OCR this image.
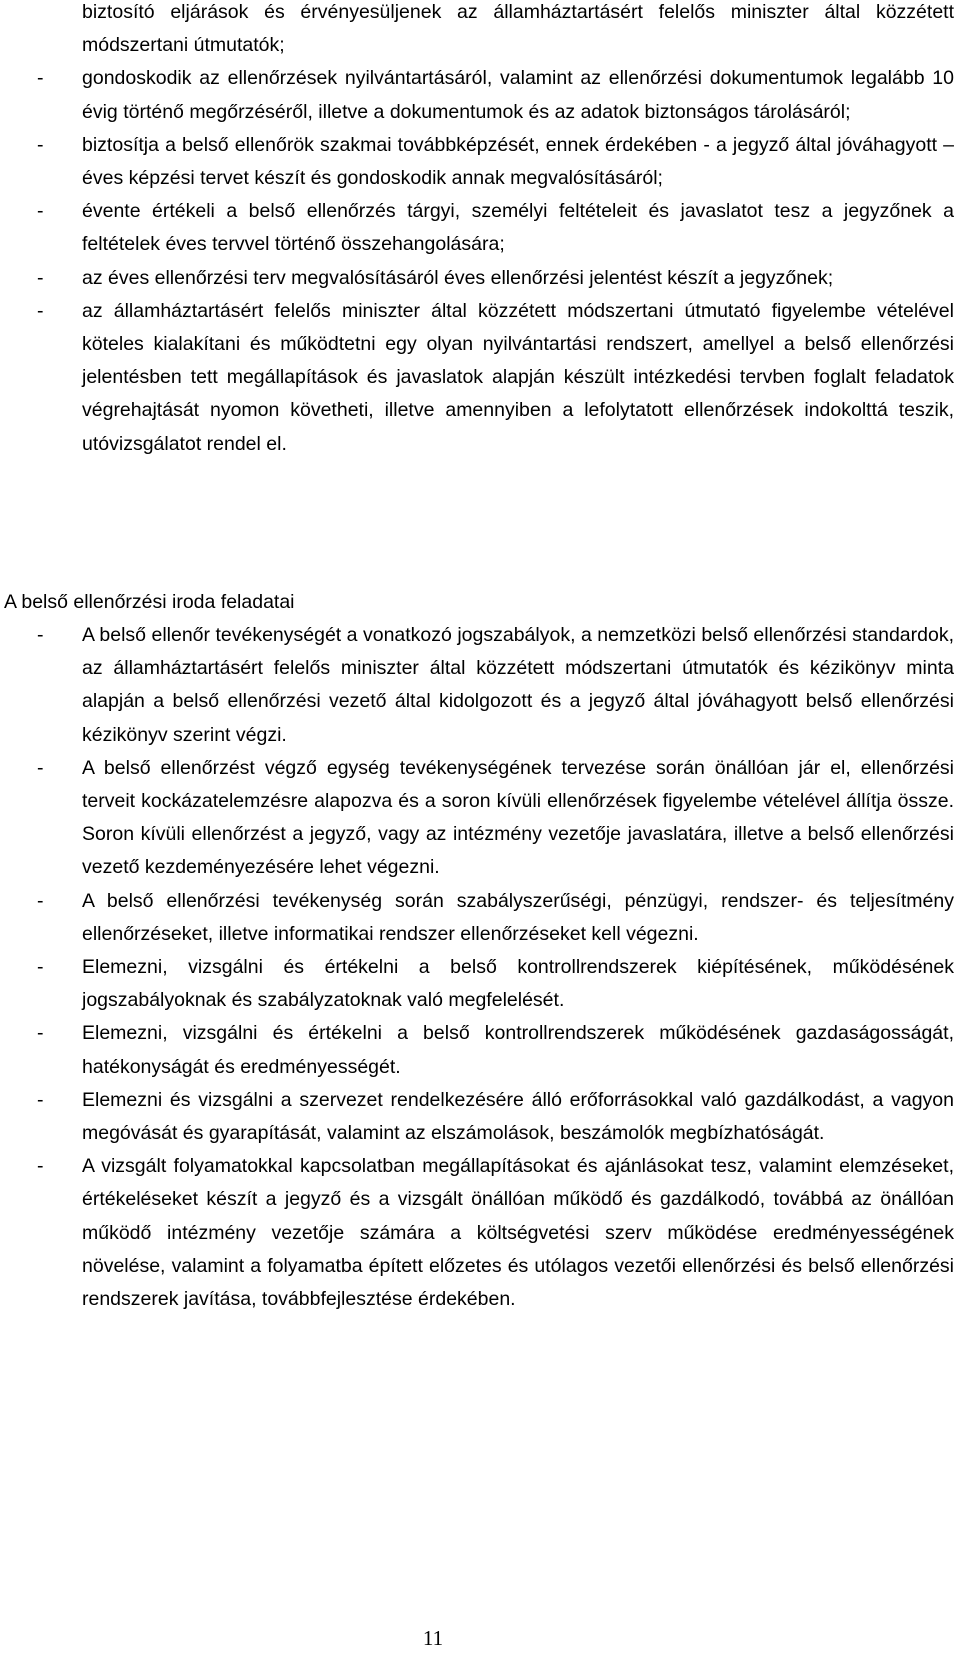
biztosító eljárások és érvényesüljenek az államháztartásért felelős miniszter által közzétett módszertani útmutatók;
- gondoskodik az ellenőrzések nyilvántartásáról, valamint az ellenőrzési dokumentumok legalább 10 évig történő megőrzéséről, illetve a dokumentumok és az adatok biztonságos tárolásáról;
- biztosítja a belső ellenőrök szakmai továbbképzését, ennek érdekében - a jegyző által jóváhagyott – éves képzési tervet készít és gondoskodik annak megvalósításáról;
- évente értékeli a belső ellenőrzés tárgyi, személyi feltételeit és javaslatot tesz a jegyzőnek a feltételek éves tervvel történő összehangolására;
- az éves ellenőrzési terv megvalósításáról éves ellenőrzési jelentést készít a jegyzőnek;
- az államháztartásért felelős miniszter által közzétett módszertani útmutató figyelembe vételével köteles kialakítani és működtetni egy olyan nyilvántartási rendszert, amellyel a belső ellenőrzési jelentésben tett megállapítások és javaslatok alapján készült intézkedési tervben foglalt feladatok végrehajtását nyomon követheti, illetve amennyiben a lefolytatott ellenőrzések indokolttá teszik, utóvizsgálatot rendel el.
A belső ellenőrzési iroda feladatai
- A belső ellenőr tevékenységét a vonatkozó jogszabályok, a nemzetközi belső ellenőrzési standardok, az államháztartásért felelős miniszter által közzétett módszertani útmutatók és kézikönyv minta alapján a belső ellenőrzési vezető által kidolgozott és a jegyző által jóváhagyott belső ellenőrzési kézikönyv szerint végzi.
- A belső ellenőrzést végző egység tevékenységének tervezése során önállóan jár el, ellenőrzési terveit kockázatelemzésre alapozva és a soron kívüli ellenőrzések figyelembe vételével állítja össze. Soron kívüli ellenőrzést a jegyző, vagy az intézmény vezetője javaslatára, illetve a belső ellenőrzési vezető kezdeményezésére lehet végezni.
- A belső ellenőrzési tevékenység során szabályszerűségi, pénzügyi, rendszer- és teljesítmény ellenőrzéseket, illetve informatikai rendszer ellenőrzéseket kell végezni.
- Elemezni, vizsgálni és értékelni a belső kontrollrendszerek kiépítésének, működésének jogszabályoknak és szabályzatoknak való megfelelését.
- Elemezni, vizsgálni és értékelni a belső kontrollrendszerek működésének gazdaságosságát, hatékonyságát és eredményességét.
- Elemezni és vizsgálni a szervezet rendelkezésére álló erőforrásokkal való gazdálkodást, a vagyon megóvását és gyarapítását, valamint az elszámolások, beszámolók megbízhatóságát.
- A vizsgált folyamatokkal kapcsolatban megállapításokat és ajánlásokat tesz, valamint elemzéseket, értékeléseket készít a jegyző és a vizsgált önállóan működő és gazdálkodó, továbbá az önállóan működő intézmény vezetője számára a költségvetési szerv működése eredményességének növelése, valamint a folyamatba épített előzetes és utólagos vezetői ellenőrzési és belső ellenőrzési rendszerek javítása, továbbfejlesztése érdekében.
11
